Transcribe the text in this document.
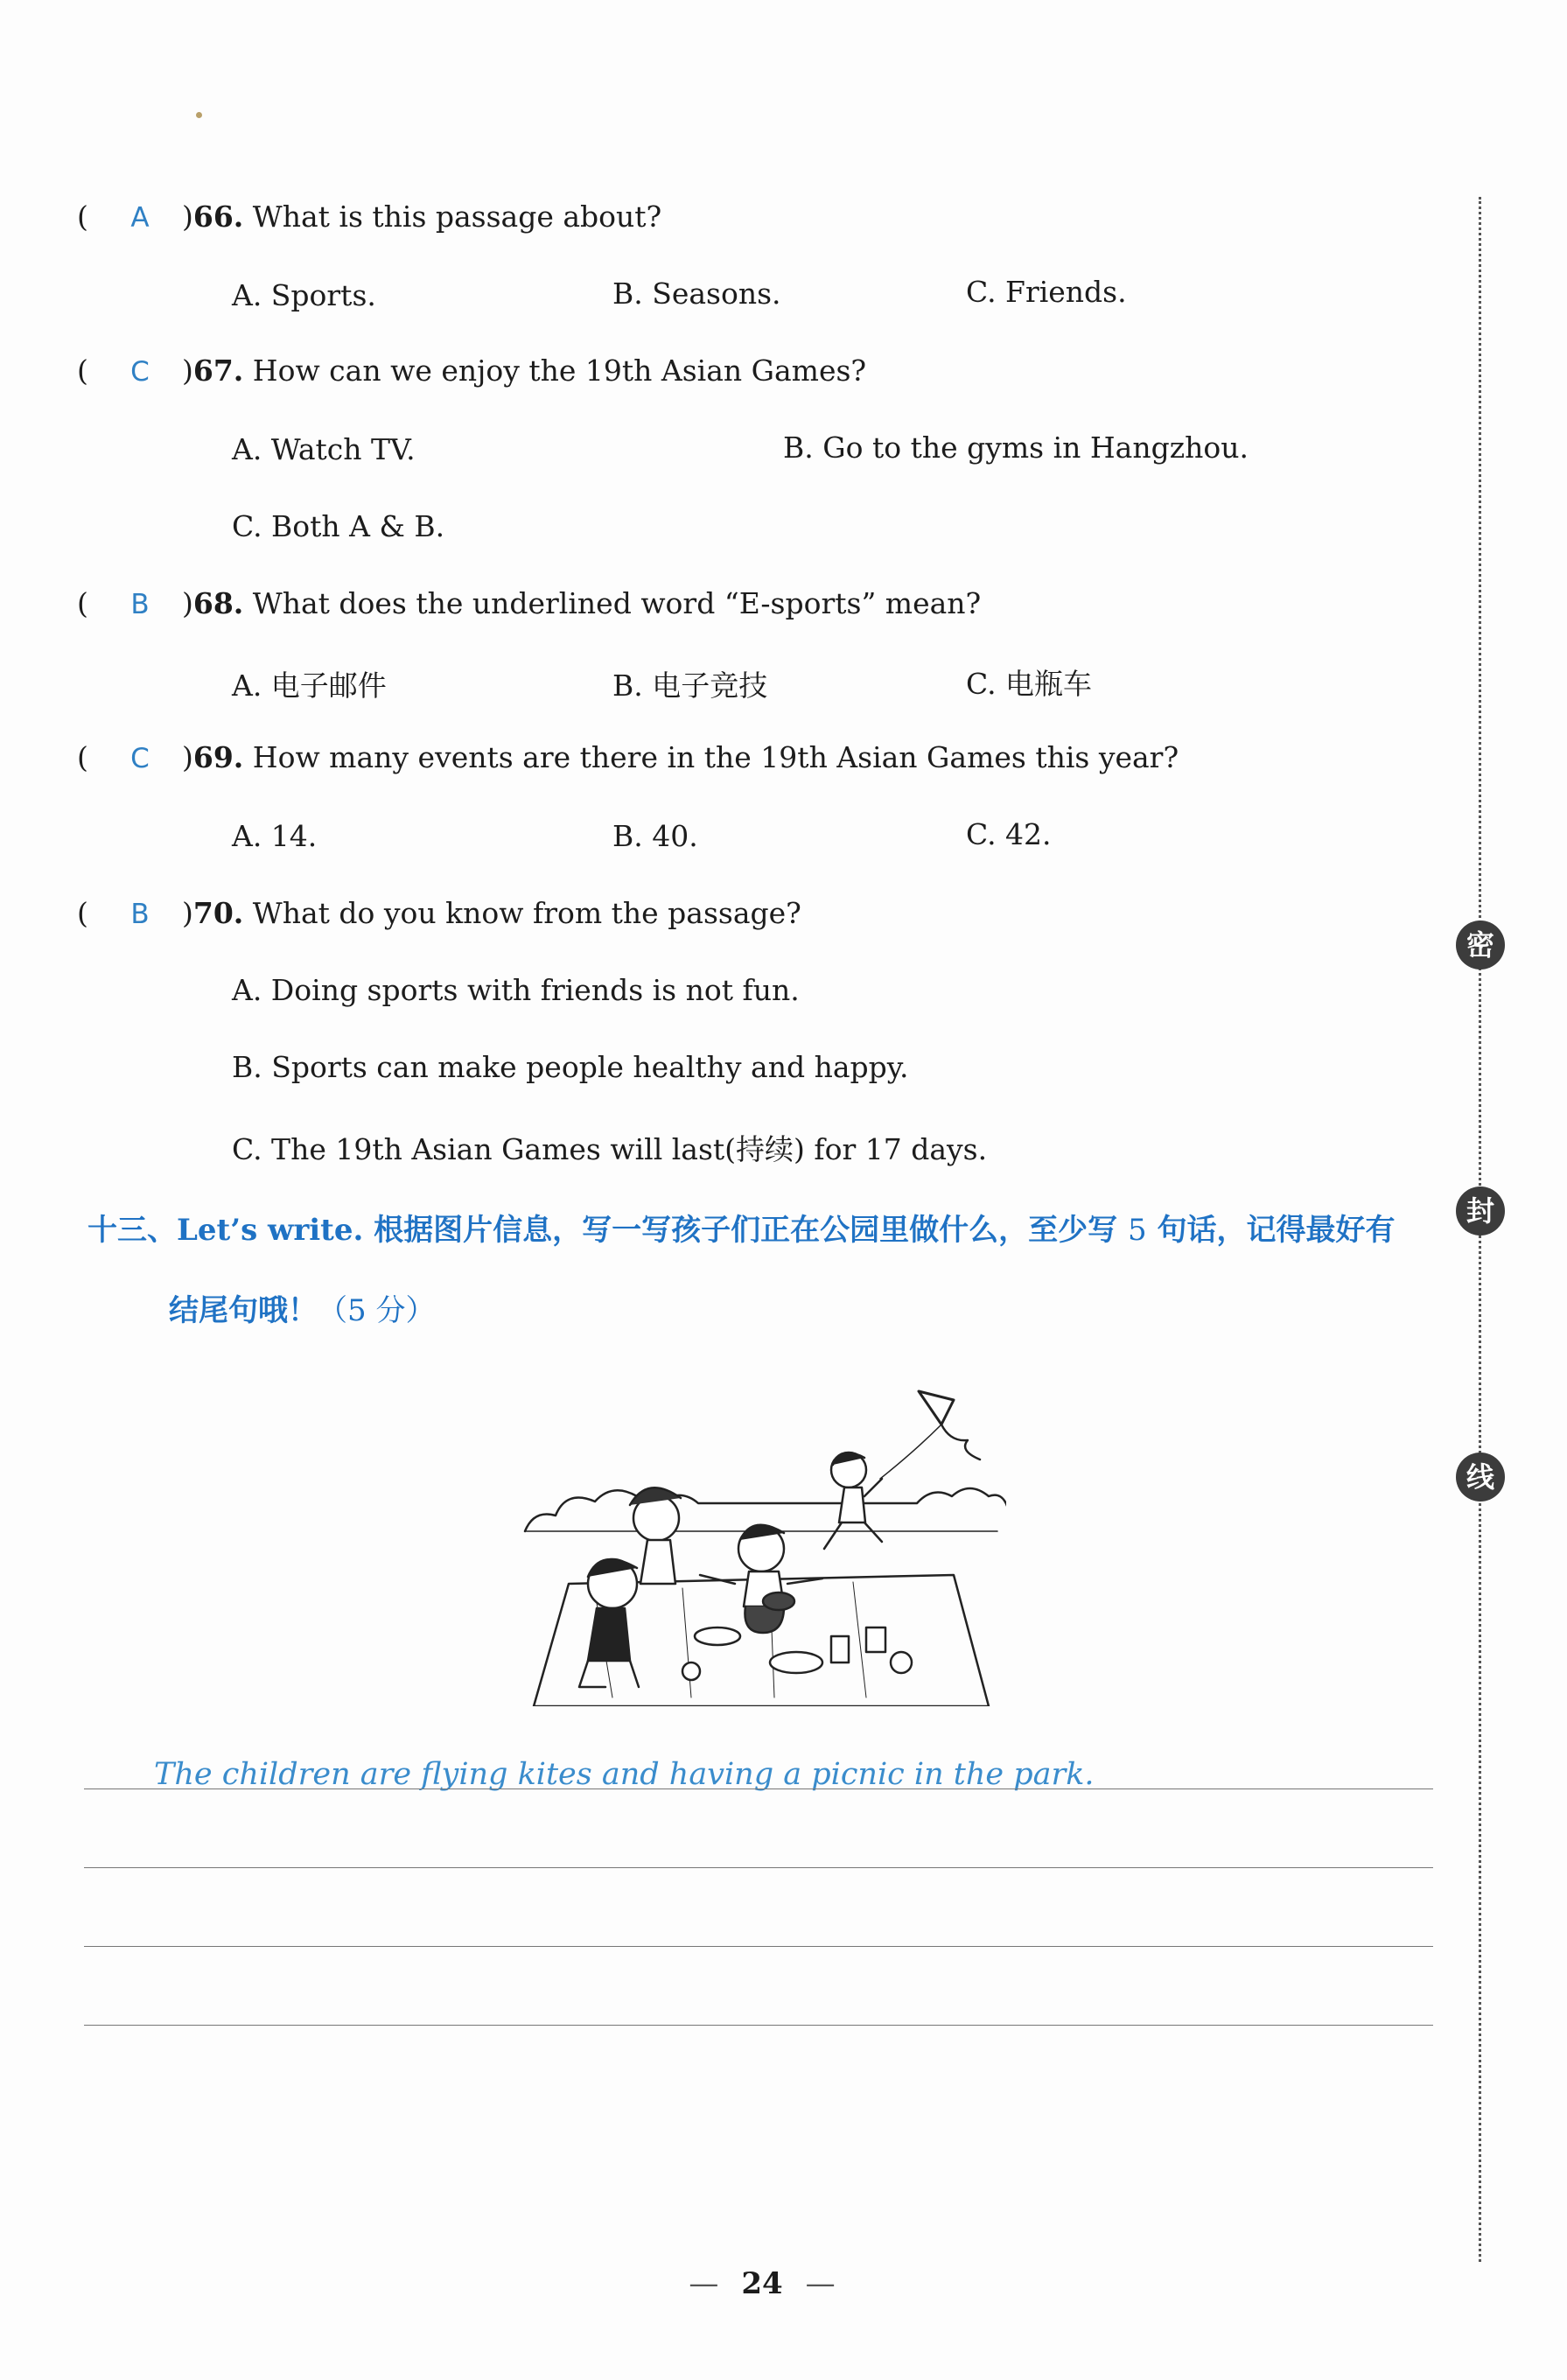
( A )66. What is this passage about?
A. Sports.	B. Seasons.	C. Friends.
( C )67. How can we enjoy the 19th Asian Games?
A. Watch TV.	B. Go to the gyms in Hangzhou.
C. Both A & B.
( B )68. What does the underlined word “E-sports” mean?
A. 电子邮件	B. 电子竞技	C. 电瓶车
( C )69. How many events are there in the 19th Asian Games this year?
A. 14.	B. 40.	C. 42.
( B )70. What do you know from the passage?
A. Doing sports with friends is not fun.
B. Sports can make people healthy and happy.
C. The 19th Asian Games will last(持续) for 17 days.
十三、Let’s write. 根据图片信息，写一写孩子们正在公园里做什么，至少写 5 句话，记得最好有
结尾句哦！（5 分）
The children are flying kites and having a picnic in the park.
密
封
线
— 24 —
